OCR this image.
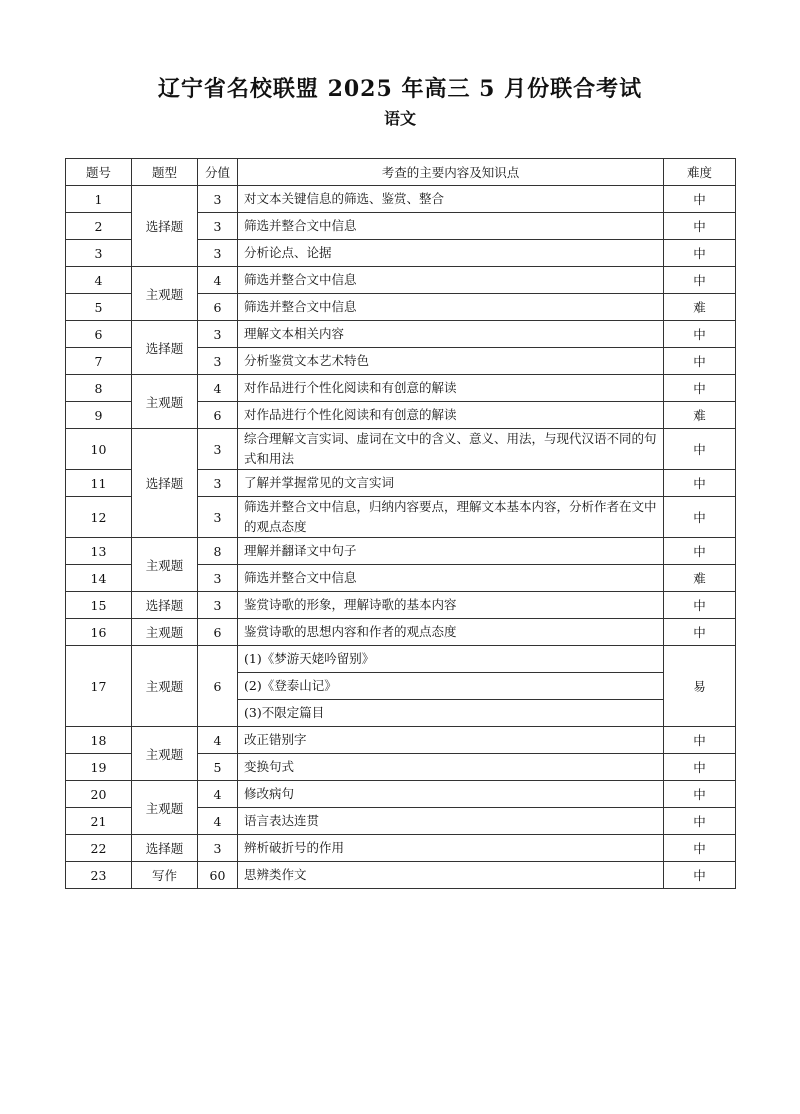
辽宁省名校联盟 2025 年高三 5 月份联合考试
语文
题号	题型	分值	考查的主要内容及知识点	难度
1	选择题	3	对文本关键信息的筛选、鉴赏、整合	中
2		3	筛选并整合文中信息	中
3		3	分析论点、论据	中
4	主观题	4	筛选并整合文中信息	中
5		6	筛选并整合文中信息	难
6	选择题	3	理解文本相关内容	中
7		3	分析鉴赏文本艺术特色	中
8	主观题	4	对作品进行个性化阅读和有创意的解读	中
9		6	对作品进行个性化阅读和有创意的解读	难
10	选择题	3	综合理解文言实词、虚词在文中的含义、意义、用法，与现代汉语不同的句式和用法	中
11		3	了解并掌握常见的文言实词	中
12		3	筛选并整合文中信息，归纳内容要点，理解文本基本内容，分析作者在文中的观点态度	中
13	主观题	8	理解并翻译文中句子	中
14		3	筛选并整合文中信息	难
15	选择题	3	鉴赏诗歌的形象，理解诗歌的基本内容	中
16	主观题	6	鉴赏诗歌的思想内容和作者的观点态度	中
17	主观题	6	(1)《梦游天姥吟留别》	易
			(2)《登泰山记》	
			(3)不限定篇目	
18	主观题	4	改正错别字	中
19		5	变换句式	中
20	主观题	4	修改病句	中
21		4	语言表达连贯	中
22	选择题	3	辨析破折号的作用	中
23	写作	60	思辨类作文	中
